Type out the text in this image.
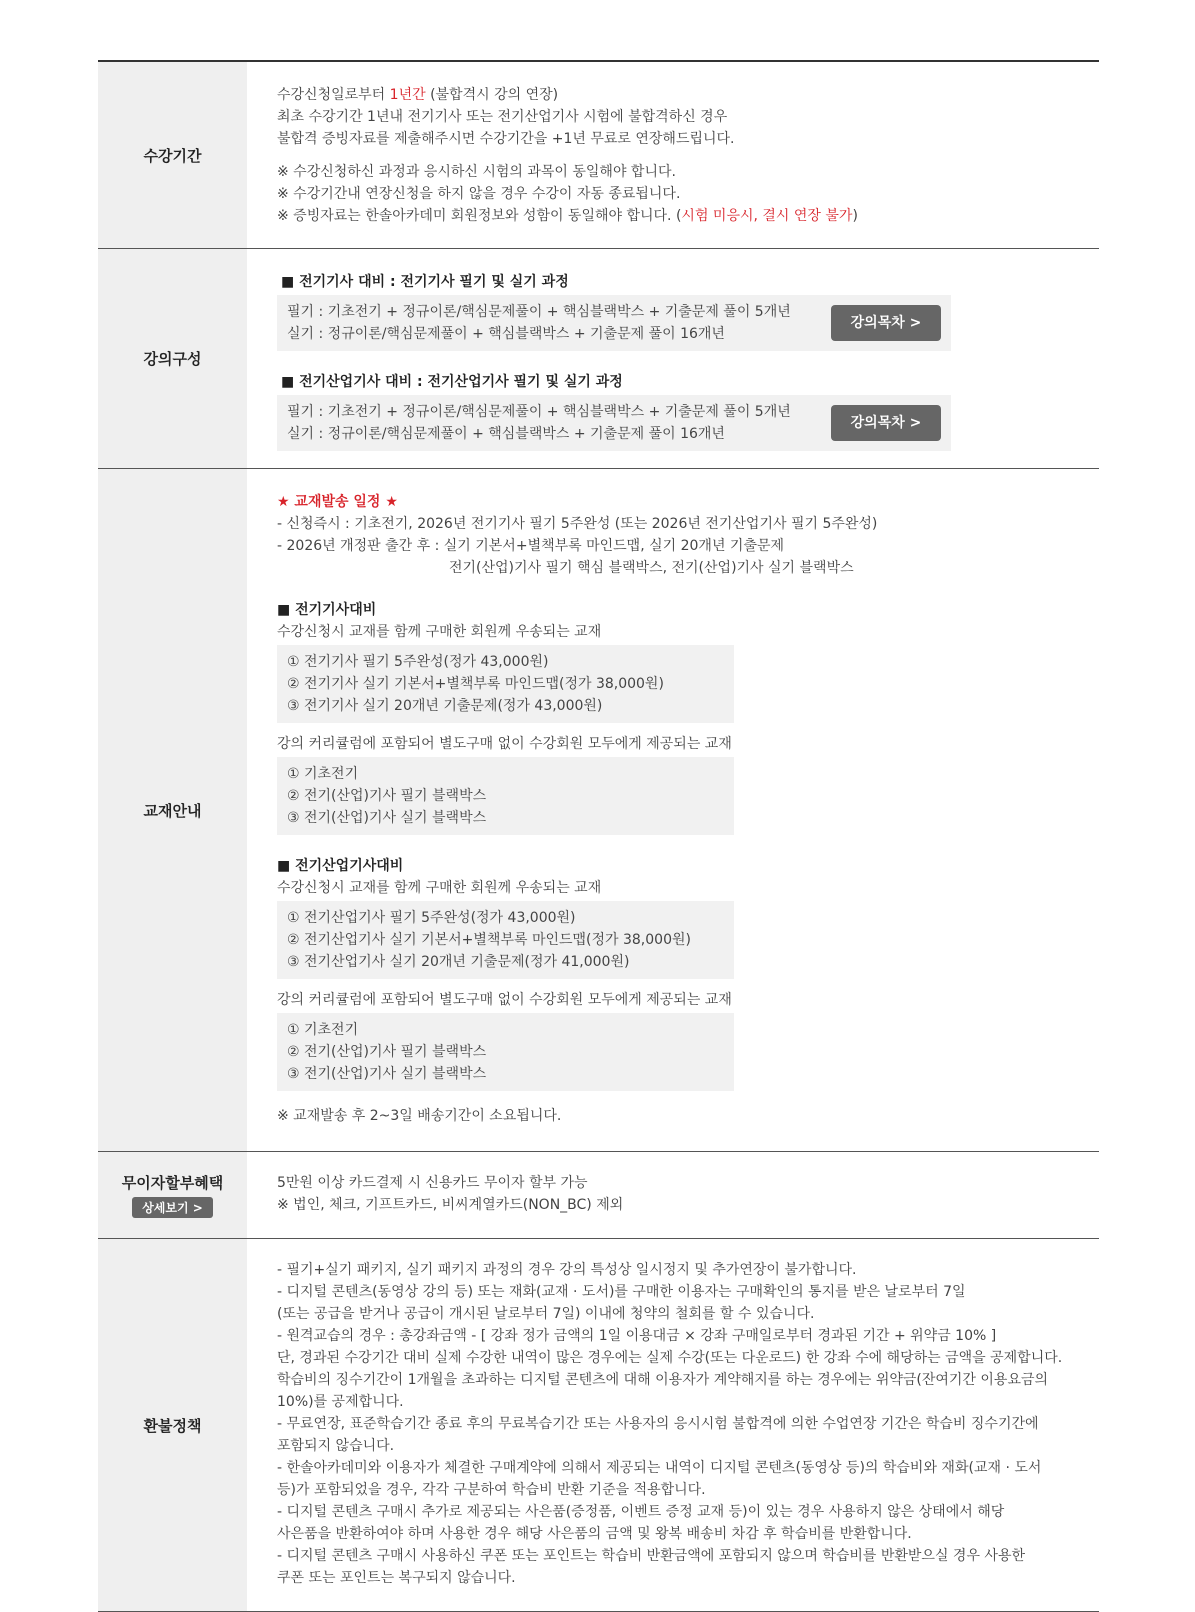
수강기간
수강신청일로부터 1년간 (불합격시 강의 연장)
최초 수강기간 1년내 전기기사 또는 전기산업기사 시험에 불합격하신 경우
불합격 증빙자료를 제출해주시면 수강기간을 +1년 무료로 연장해드립니다.
※ 수강신청하신 과정과 응시하신 시험의 과목이 동일해야 합니다.
※ 수강기간내 연장신청을 하지 않을 경우 수강이 자동 종료됩니다.
※ 증빙자료는 한솔아카데미 회원정보와 성함이 동일해야 합니다. (시험 미응시, 결시 연장 불가)
강의구성
■ 전기기사 대비 : 전기기사 필기 및 실기 과정
필기 : 기초전기 + 정규이론/핵심문제풀이 + 핵심블랙박스 + 기출문제 풀이 5개년
실기 : 정규이론/핵심문제풀이 + 핵심블랙박스 + 기출문제 풀이 16개년
강의목차 >
■ 전기산업기사 대비 : 전기산업기사 필기 및 실기 과정
필기 : 기초전기 + 정규이론/핵심문제풀이 + 핵심블랙박스 + 기출문제 풀이 5개년
실기 : 정규이론/핵심문제풀이 + 핵심블랙박스 + 기출문제 풀이 16개년
강의목차 >
교재안내
★ 교재발송 일정 ★
- 신청즉시 : 기초전기, 2026년 전기기사 필기 5주완성 (또는 2026년 전기산업기사 필기 5주완성)
- 2026년 개정판 출간 후 : 실기 기본서+별책부록 마인드맵, 실기 20개년 기출문제
전기(산업)기사 필기 핵심 블랙박스, 전기(산업)기사 실기 블랙박스
■ 전기기사대비
수강신청시 교재를 함께 구매한 회원께 우송되는 교재
① 전기기사 필기 5주완성(정가 43,000원)
② 전기기사 실기 기본서+별책부록 마인드맵(정가 38,000원)
③ 전기기사 실기 20개년 기출문제(정가 43,000원)
강의 커리큘럼에 포함되어 별도구매 없이 수강회원 모두에게 제공되는 교재
① 기초전기
② 전기(산업)기사 필기 블랙박스
③ 전기(산업)기사 실기 블랙박스
■ 전기산업기사대비
수강신청시 교재를 함께 구매한 회원께 우송되는 교재
① 전기산업기사 필기 5주완성(정가 43,000원)
② 전기산업기사 실기 기본서+별책부록 마인드맵(정가 38,000원)
③ 전기산업기사 실기 20개년 기출문제(정가 41,000원)
강의 커리큘럼에 포함되어 별도구매 없이 수강회원 모두에게 제공되는 교재
① 기초전기
② 전기(산업)기사 필기 블랙박스
③ 전기(산업)기사 실기 블랙박스
※ 교재발송 후 2~3일 배송기간이 소요됩니다.
무이자할부혜택
상세보기 >
5만원 이상 카드결제 시 신용카드 무이자 할부 가능
※ 법인, 체크, 기프트카드, 비씨계열카드(NON_BC) 제외
환불정책
- 필기+실기 패키지, 실기 패키지 과정의 경우 강의 특성상 일시정지 및 추가연장이 불가합니다.
- 디지털 콘텐츠(동영상 강의 등) 또는 재화(교재 · 도서)를 구매한 이용자는 구매확인의 통지를 받은 날로부터 7일
(또는 공급을 받거나 공급이 개시된 날로부터 7일) 이내에 청약의 철회를 할 수 있습니다.
- 원격교습의 경우 : 총강좌금액 - [ 강좌 정가 금액의 1일 이용대금 × 강좌 구매일로부터 경과된 기간 + 위약금 10% ]
단, 경과된 수강기간 대비 실제 수강한 내역이 많은 경우에는 실제 수강(또는 다운로드) 한 강좌 수에 해당하는 금액을 공제합니다.
학습비의 징수기간이 1개월을 초과하는 디지털 콘텐츠에 대해 이용자가 계약해지를 하는 경우에는 위약금(잔여기간 이용요금의
10%)를 공제합니다.
- 무료연장, 표준학습기간 종료 후의 무료복습기간 또는 사용자의 응시시험 불합격에 의한 수업연장 기간은 학습비 징수기간에
포함되지 않습니다.
- 한솔아카데미와 이용자가 체결한 구매계약에 의해서 제공되는 내역이 디지털 콘텐츠(동영상 등)의 학습비와 재화(교재 · 도서
등)가 포함되었을 경우, 각각 구분하여 학습비 반환 기준을 적용합니다.
- 디지털 콘텐츠 구매시 추가로 제공되는 사은품(증정품, 이벤트 증정 교재 등)이 있는 경우 사용하지 않은 상태에서 해당
사은품을 반환하여야 하며 사용한 경우 해당 사은품의 금액 및 왕복 배송비 차감 후 학습비를 반환합니다.
- 디지털 콘텐츠 구매시 사용하신 쿠폰 또는 포인트는 학습비 반환금액에 포함되지 않으며 학습비를 반환받으실 경우 사용한
쿠폰 또는 포인트는 복구되지 않습니다.
